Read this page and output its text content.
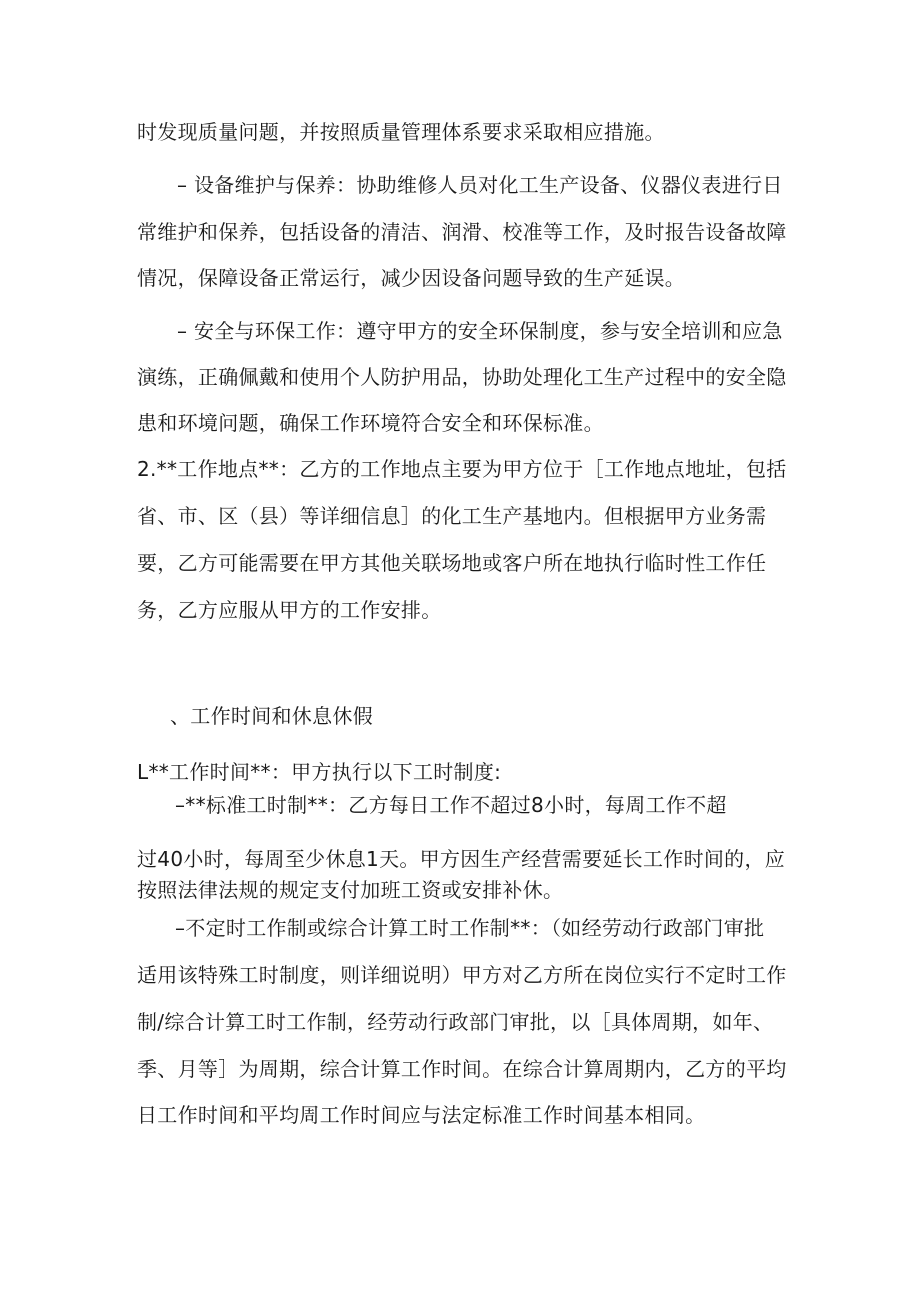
时发现质量问题，并按照质量管理体系要求采取相应措施。
– 设备维护与保养：协助维修人员对化工生产设备、仪器仪表进行日
常维护和保养，包括设备的清洁、润滑、校准等工作，及时报告设备故障
情况，保障设备正常运行，减少因设备问题导致的生产延误。
– 安全与环保工作：遵守甲方的安全环保制度，参与安全培训和应急
演练，正确佩戴和使用个人防护用品，协助处理化工生产过程中的安全隐
患和环境问题，确保工作环境符合安全和环保标准。
2.**工作地点**：乙方的工作地点主要为甲方位于［工作地点地址，包括
省、市、区（县）等详细信息］的化工生产基地内。但根据甲方业务需
要，乙方可能需要在甲方其他关联场地或客户所在地执行临时性工作任
务，乙方应服从甲方的工作安排。
、工作时间和休息休假
L**工作时间**：甲方执行以下工时制度:
–**标准工时制**：乙方每日工作不超过8小时，每周工作不超
过40小时，每周至少休息1天。甲方因生产经营需要延长工作时间的，应
按照法律法规的规定支付加班工资或安排补休。
–不定时工作制或综合计算工时工作制**：（如经劳动行政部门审批
适用该特殊工时制度，则详细说明）甲方对乙方所在岗位实行不定时工作
制/综合计算工时工作制，经劳动行政部门审批，以［具体周期，如年、
季、月等］为周期，综合计算工作时间。在综合计算周期内，乙方的平均
日工作时间和平均周工作时间应与法定标准工作时间基本相同。
